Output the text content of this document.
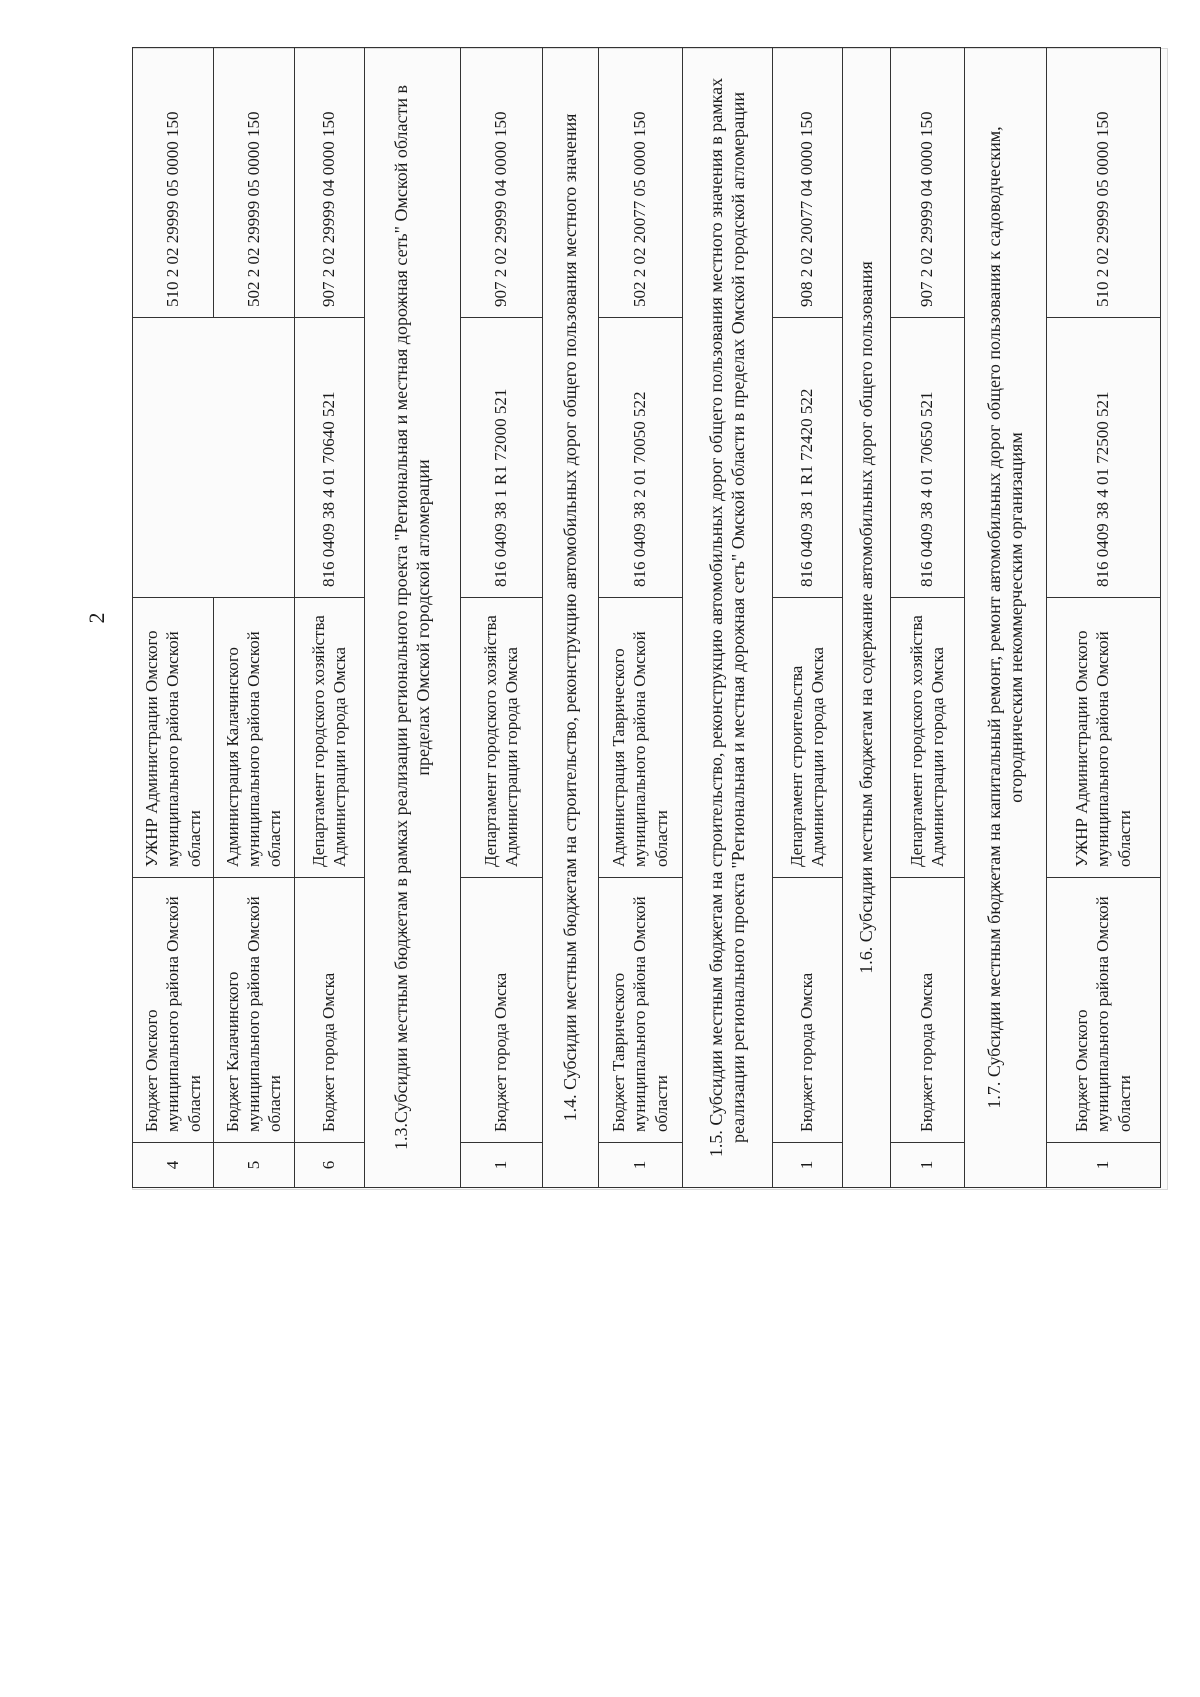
2
4	Бюджет Омского муниципального района Омской области	УЖНР Администрации Омского муниципального района Омской области		510 2 02 29999 05 0000 150
5	Бюджет Калачинского муниципального района Омской области	Администрация Калачинского муниципального района Омской области		502 2 02 29999 05 0000 150
6	Бюджет города Омска	Департамент городского хозяйства Администрации города Омска	816 0409 38 4 01 70640 521	907 2 02 29999 04 0000 150
1.3.Субсидии местным бюджетам в рамках реализации регионального проекта "Региональная и местная дорожная сеть" Омской области в пределах Омской городской агломерации				
1	Бюджет города Омска	Департамент городского хозяйства Администрации города Омска	816 0409 38 1 R1 72000 521	907 2 02 29999 04 0000 150
1.4. Субсидии местным бюджетам на строительство, реконструкцию автомобильных дорог общего пользования местного значения				
1	Бюджет Таврического муниципального района Омской области	Администрация Таврического муниципального района Омской области	816 0409 38 2 01 70050 522	502 2 02 20077 05 0000 150
1.5. Субсидии местным бюджетам на строительство, реконструкцию автомобильных дорог общего пользования местного значения в рамках реализации регионального проекта "Региональная и местная дорожная сеть" Омской области в пределах Омской городской агломерации				
1	Бюджет города Омска	Департамент строительства Администрации города Омска	816 0409 38 1 R1 72420 522	908 2 02 20077 04 0000 150
1.6. Субсидии местным бюджетам на содержание автомобильных дорог общего пользования				
1	Бюджет города Омска	Департамент городского хозяйства Администрации города Омска	816 0409 38 4 01 70650 521	907 2 02 29999 04 0000 150
1.7. Субсидии местным бюджетам на капитальный ремонт, ремонт автомобильных дорог общего пользования к садоводческим, огородническим некоммерческим организациям				
1	Бюджет Омского муниципального района Омской области	УЖНР Администрации Омского муниципального района Омской области	816 0409 38 4 01 72500 521	510 2 02 29999 05 0000 150
